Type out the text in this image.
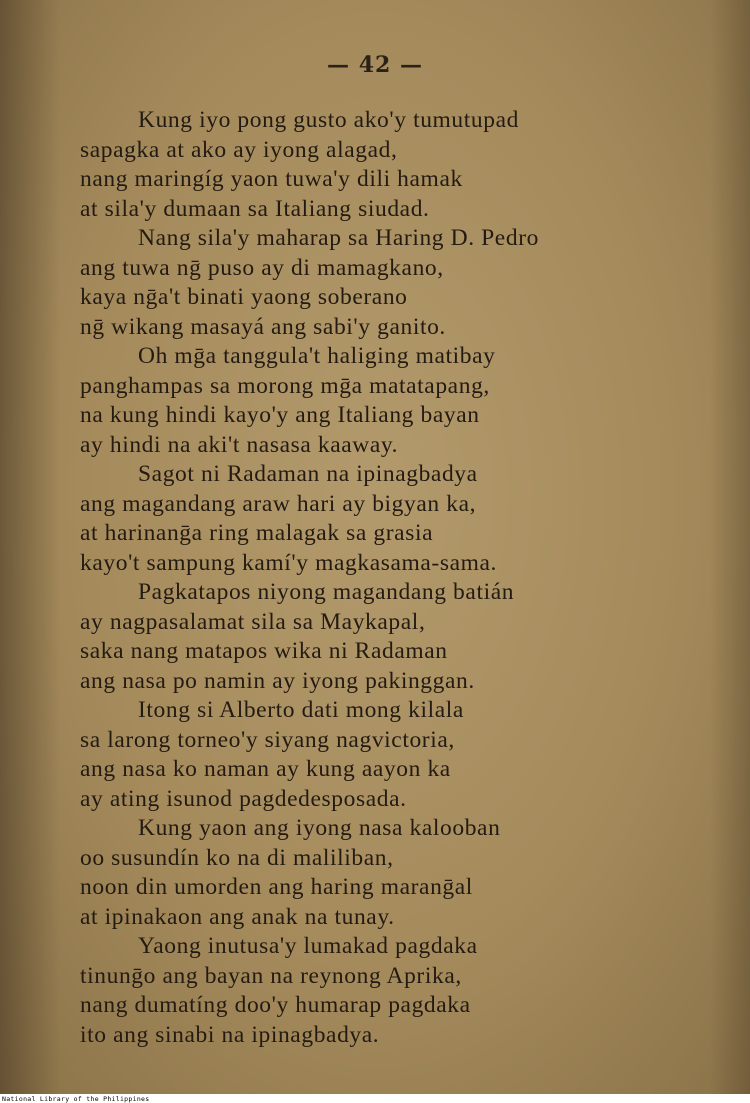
— 42 —
Kung iyo pong gusto ako'y tumutupad
sapagka at ako ay iyong alagad,
nang maringíg yaon tuwa'y dili hamak
at sila'y dumaan sa Italiang siudad.
Nang sila'y maharap sa Haring D. Pedro
ang tuwa nḡ puso ay di mamagkano,
kaya nḡa't binati yaong soberano
nḡ wikang masayá ang sabi'y ganito.
Oh mḡa tanggula't haliging matibay
panghampas sa morong mḡa matatapang,
na kung hindi kayo'y ang Italiang bayan
ay hindi na aki't nasasa kaaway.
Sagot ni Radaman na ipinagbadya
ang magandang araw hari ay bigyan ka,
at harinanḡa ring malagak sa grasia
kayo't sampung kamí'y magkasama-sama.
Pagkatapos niyong magandang batián
ay nagpasalamat sila sa Maykapal,
saka nang matapos wika ni Radaman
ang nasa po namin ay iyong pakinggan.
Itong si Alberto dati mong kilala
sa larong torneo'y siyang nagvictoria,
ang nasa ko naman ay kung aayon ka
ay ating isunod pagdedesposada.
Kung yaon ang iyong nasa kalooban
oo susundín ko na di maliliban,
noon din umorden ang haring maranḡal
at ipinakaon ang anak na tunay.
Yaong inutusa'y lumakad pagdaka
tinunḡo ang bayan na reynong Aprika,
nang dumatíng doo'y humarap pagdaka
ito ang sinabi na ipinagbadya.
National Library of the Philippines
